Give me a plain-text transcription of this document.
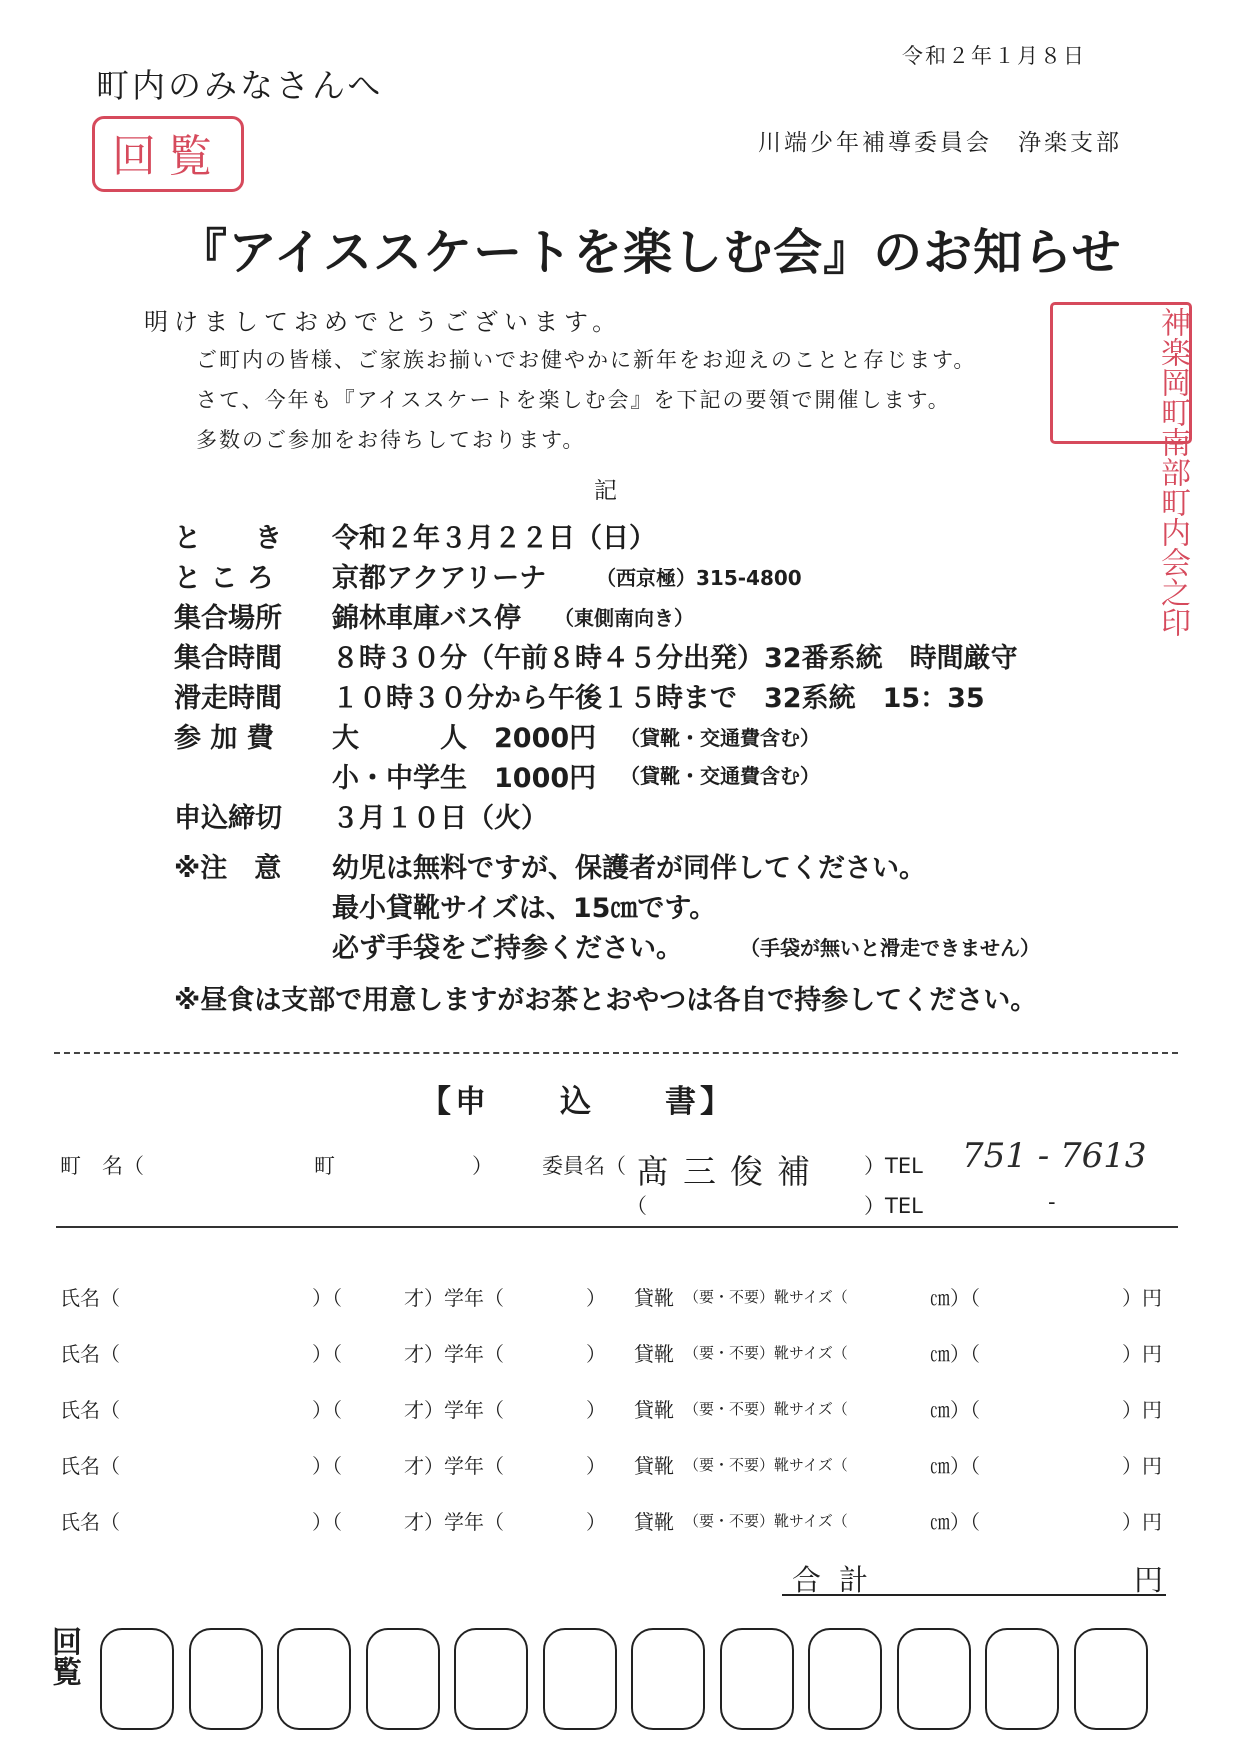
令和２年１月８日
町内のみなさんへ
回覧	川端少年補導委員会　浄楽支部
『アイススケートを楽しむ会』のお知らせ
神楽岡町南部町内会之印
明けましておめでとうございます。
ご町内の皆様、ご家族お揃いでお健やかに新年をお迎えのことと存じます。
さて、今年も『アイススケートを楽しむ会』を下記の要領で開催します。
多数のご参加をお待ちしております。
記
と　　き 令和２年３月２２日（日）
と こ ろ 京都アクアリーナ （西京極）315-4800
集合場所 錦林車庫バス停 （東側南向き）
集合時間 ８時３０分（午前８時４５分出発）32番系統　時間厳守
滑走時間 １０時３０分から午後１５時まで　32系統　15：35
参 加 費 大　　　人　2000円 （貸靴・交通費含む）
小・中学生　1000円 （貸靴・交通費含む）
申込締切 ３月１０日（火）
※注　意 幼児は無料ですが、保護者が同伴してください。
最小貸靴サイズは、15㎝です。
必ず手袋をご持参ください。	（手袋が無いと滑走できません）
※昼食は支部で用意しますがお茶とおやつは各自で持参してください。
【申　　込　　書】
町　名（	町	） 委員名（ 髙三俊補 ）TEL 751 - 7613
（	）TEL	-
氏名（	）（	才）学年（	） 貸靴 （要・不要）靴サイズ（	㎝）（	）円
氏名（	）（	才）学年（	） 貸靴 （要・不要）靴サイズ（	㎝）（	）円
氏名（	）（	才）学年（	） 貸靴 （要・不要）靴サイズ（	㎝）（	）円
氏名（	）（	才）学年（	） 貸靴 （要・不要）靴サイズ（	㎝）（	）円
氏名（	）（	才）学年（	） 貸靴 （要・不要）靴サイズ（	㎝）（	）円
合計	円
回覧
